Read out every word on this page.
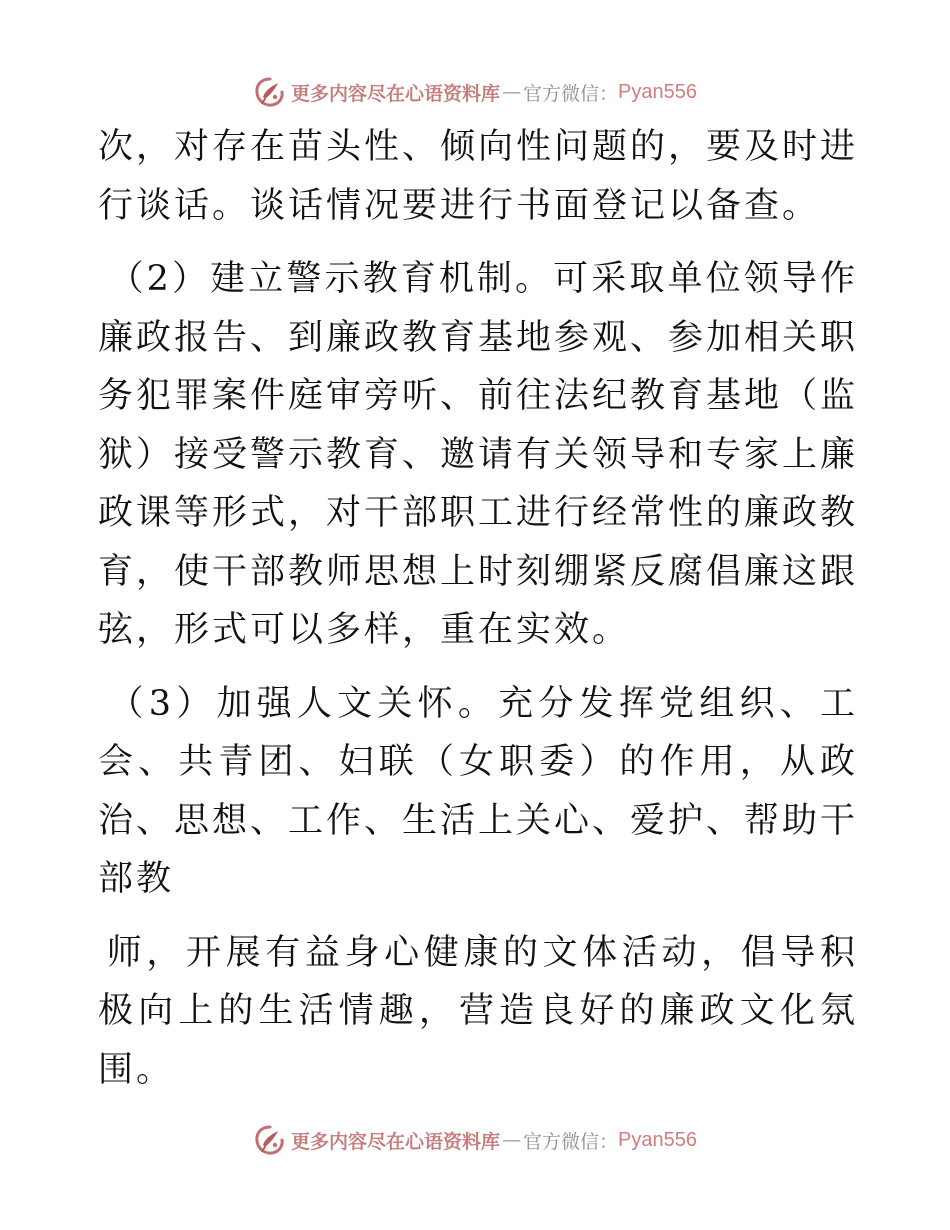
更多内容尽在心语资料库 — 官方微信： Pyan556

次，对存在苗头性、倾向性问题的，要及时进行谈话。谈话情况要进行书面登记以备查。

（2）建立警示教育机制。可采取单位领导作廉政报告、到廉政教育基地参观、参加相关职务犯罪案件庭审旁听、前往法纪教育基地（监狱）接受警示教育、邀请有关领导和专家上廉政课等形式，对干部职工进行经常性的廉政教育，使干部教师思想上时刻绷紧反腐倡廉这跟弦，形式可以多样，重在实效。

（3）加强人文关怀。充分发挥党组织、工会、共青团、妇联（女职委）的作用，从政治、思想、工作、生活上关心、爱护、帮助干部教

师，开展有益身心健康的文体活动，倡导积极向上的生活情趣，营造良好的廉政文化氛围。

更多内容尽在心语资料库 — 官方微信： Pyan556
